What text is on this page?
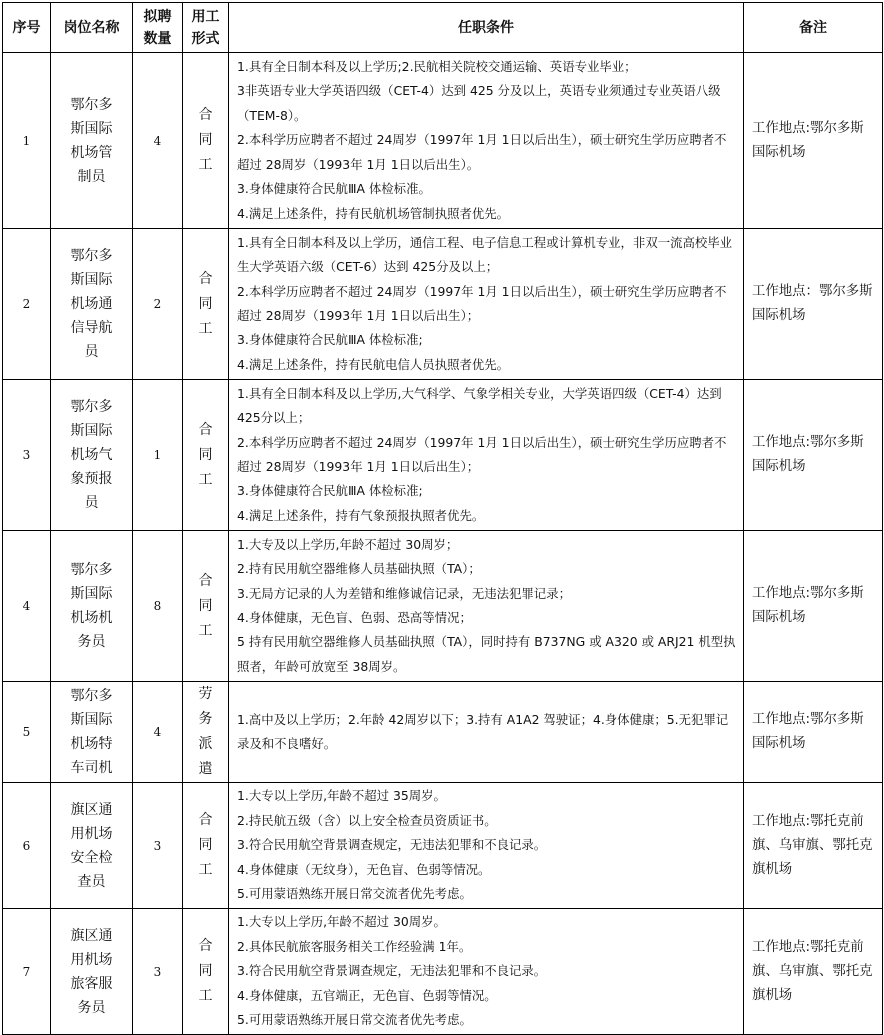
序号	岗位名称	拟聘数量	用工形式	任职条件	备注
1	鄂尔多斯国际机场管制员	4	合同工	1.具有全日制本科及以上学历;2.民航相关院校交通运输、英语专业毕业；
3非英语专业大学英语四级（CET-4）达到 425 分及以上，英语专业须通过专业英语八级（TEM-8）。
2.本科学历应聘者不超过 24周岁（1997年 1月 1日以后出生），硕士研究生学历应聘者不超过 28周岁（1993年 1月 1日以后出生）。
3.身体健康符合民航ⅢA 体检标准。
4.满足上述条件，持有民航机场管制执照者优先。	工作地点:鄂尔多斯国际机场
2	鄂尔多斯国际机场通信导航员	2	合同工	1.具有全日制本科及以上学历，通信工程、电子信息工程或计算机专业，非双一流高校毕业生大学英语六级（CET-6）达到 425分及以上；
2.本科学历应聘者不超过 24周岁（1997年 1月 1日以后出生），硕士研究生学历应聘者不超过 28周岁（1993年 1月 1日以后出生）；
3.身体健康符合民航ⅢA 体检标准;
4.满足上述条件，持有民航电信人员执照者优先。	工作地点：鄂尔多斯国际机场
3	鄂尔多斯国际机场气象预报员	1	合同工	1.具有全日制本科及以上学历,大气科学、气象学相关专业，大学英语四级（CET-4）达到 425分以上；
2.本科学历应聘者不超过 24周岁（1997年 1月 1日以后出生），硕士研究生学历应聘者不超过 28周岁（1993年 1月 1日以后出生）；
3.身体健康符合民航ⅢA 体检标准;
4.满足上述条件，持有气象预报执照者优先。	工作地点:鄂尔多斯国际机场
4	鄂尔多斯国际机场机务员	8	合同工	1.大专及以上学历,年龄不超过 30周岁；
2.持有民用航空器维修人员基础执照（TA）；
3.无局方记录的人为差错和维修诚信记录，无违法犯罪记录；
4.身体健康，无色盲、色弱、恐高等情况；
5 持有民用航空器维修人员基础执照（TA），同时持有 B737NG 或 A320 或 ARJ21 机型执照者，年龄可放宽至 38周岁。	工作地点:鄂尔多斯国际机场
5	鄂尔多斯国际机场特车司机	4	劳务派遣	1.高中及以上学历；2.年龄 42周岁以下；3.持有 A1A2 驾驶证；4.身体健康；5.无犯罪记录及和不良嗜好。	工作地点:鄂尔多斯国际机场
6	旗区通用机场安全检查员	3	合同工	1.大专以上学历,年龄不超过 35周岁。
2.持民航五级（含）以上安全检查员资质证书。
3.符合民用航空背景调查规定，无违法犯罪和不良记录。
4.身体健康（无纹身），无色盲、色弱等情况。
5.可用蒙语熟练开展日常交流者优先考虑。	工作地点:鄂托克前旗、乌审旗、鄂托克旗机场
7	旗区通用机场旅客服务员	3	合同工	1.大专以上学历,年龄不超过 30周岁。
2.具体民航旅客服务相关工作经验满 1年。
3.符合民用航空背景调查规定，无违法犯罪和不良记录。
4.身体健康，五官端正，无色盲、色弱等情况。
5.可用蒙语熟练开展日常交流者优先考虑。	工作地点:鄂托克前旗、乌审旗、鄂托克旗机场
